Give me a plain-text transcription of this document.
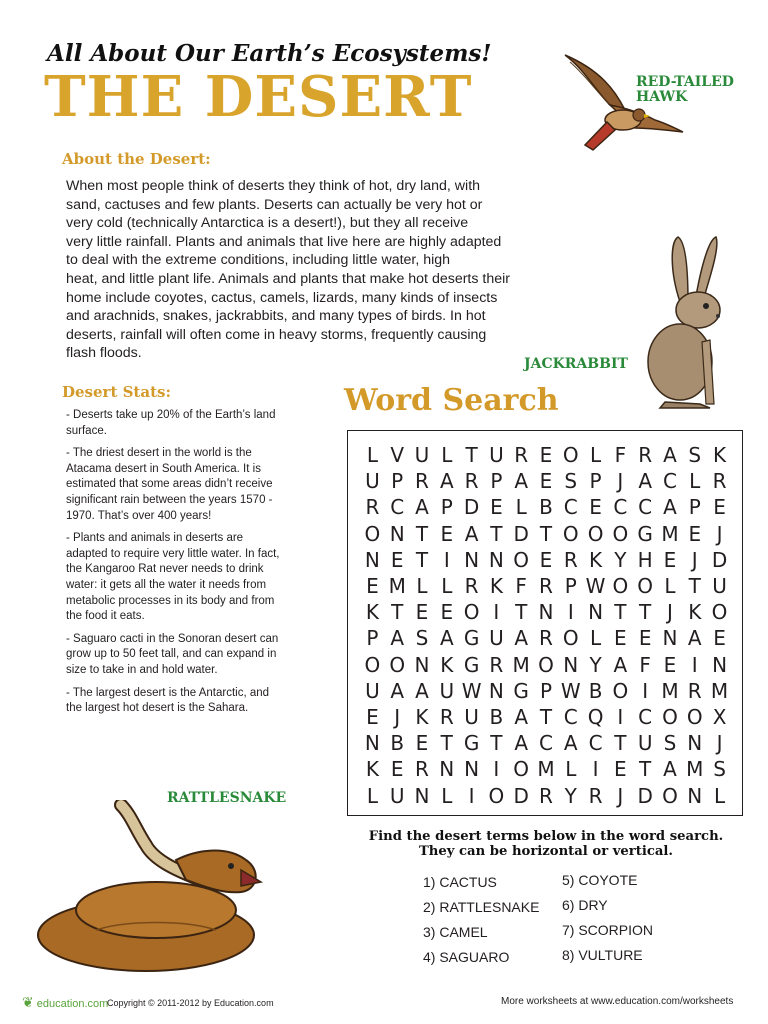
All About Our Earth’s Ecosystems!
THE DESERT	RED-TAILED HAWK
About the Desert:
When most people think of deserts they think of hot, dry land, with
sand, cactuses and few plants. Deserts can actually be very hot or
very cold (technically Antarctica is a desert!), but they all receive
very little rainfall. Plants and animals that live here are highly adapted
to deal with the extreme conditions, including little water, high
heat, and little plant life. Animals and plants that make hot deserts their
home include coyotes, cactus, camels, lizards, many kinds of insects
and arachnids, snakes, jackrabbits, and many types of birds. In hot
deserts, rainfall will often come in heavy storms, frequently causing
flash floods.
JACKRABBIT
Desert Stats:
- Deserts take up 20% of the Earth’s land surface.
- The driest desert in the world is the Atacama desert in South America. It is estimated that some areas didn’t receive significant rain between the years 1570 - 1970. That’s over 400 years!
- Plants and animals in deserts are adapted to require very little water. In fact, the Kangaroo Rat never needs to drink water: it gets all the water it needs from metabolic processes in its body and from the food it eats.
- Saguaro cacti in the Sonoran desert can grow up to 50 feet tall, and can expand in size to take in and hold water.
- The largest desert is the Antarctic, and the largest hot desert is the Sahara.
Word Search
L V U L T U R E O L F R A S K
U P R A R P A E S P J A C L R
R C A P D E L B C E C C A P E
O N T E A T D T O O O G M E J
N E T I N N O E R K Y H E J D
E M L L R K F R P W O O L T U
K T E E O I T N I N T T J K O
P A S A G U A R O L E E N A E
O O N K G R M O N Y A F E I N
U A A U W N G P W B O I M R M
E J K R U B A T C Q I C O O X
N B E T G T A C A C T U S N J
K E R N N I O M L I E T A M S
L U N L I O D R Y R J D O N L
Find the desert terms below in the word search.
They can be horizontal or vertical.
1) CACTUS
2) RATTLESNAKE
3) CAMEL
4) SAGUARO
5) COYOTE
6) DRY
7) SCORPION
8) VULTURE
RATTLESNAKE
❦ education.com
Copyright © 2011-2012 by Education.com	More worksheets at www.education.com/worksheets
